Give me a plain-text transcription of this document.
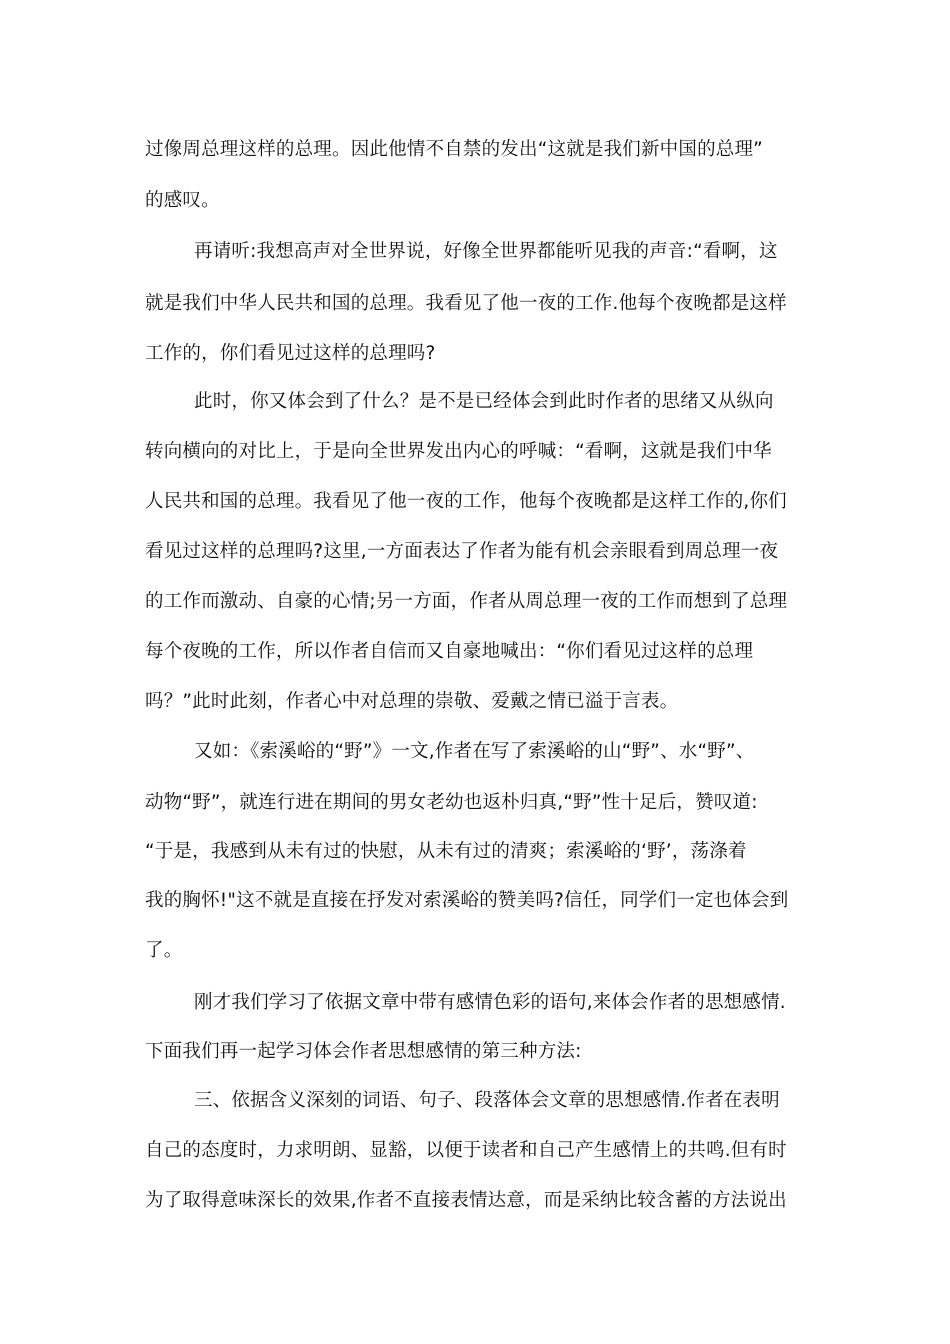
过像周总理这样的总理。因此他情不自禁的发出“这就是我们新中国的总理”
的感叹。
再请听:我想高声对全世界说，好像全世界都能听见我的声音:“看啊，这
就是我们中华人民共和国的总理。我看见了他一夜的工作.他每个夜晚都是这样
工作的，你们看见过这样的总理吗?
此时，你又体会到了什么？是不是已经体会到此时作者的思绪又从纵向
转向横向的对比上，于是向全世界发出内心的呼喊：“看啊，这就是我们中华
人民共和国的总理。我看见了他一夜的工作，他每个夜晚都是这样工作的,你们
看见过这样的总理吗?这里,一方面表达了作者为能有机会亲眼看到周总理一夜
的工作而激动、自豪的心情;另一方面，作者从周总理一夜的工作而想到了总理
每个夜晚的工作，所以作者自信而又自豪地喊出：“你们看见过这样的总理
吗？”此时此刻，作者心中对总理的崇敬、爱戴之情已溢于言表。
又如：《索溪峪的“野”》一文,作者在写了索溪峪的山“野”、水“野”、
动物“野”，就连行进在期间的男女老幼也返朴归真,“野”性十足后，赞叹道:
“于是，我感到从未有过的快慰，从未有过的清爽；索溪峪的‘野’，荡涤着
我的胸怀!"这不就是直接在抒发对索溪峪的赞美吗?信任，同学们一定也体会到
了。
刚才我们学习了依据文章中带有感情色彩的语句,来体会作者的思想感情.
下面我们再一起学习体会作者思想感情的第三种方法:
三、依据含义深刻的词语、句子、段落体会文章的思想感情.作者在表明
自己的态度时，力求明朗、显豁，以便于读者和自己产生感情上的共鸣.但有时
为了取得意味深长的效果,作者不直接表情达意，而是采纳比较含蓄的方法说出
